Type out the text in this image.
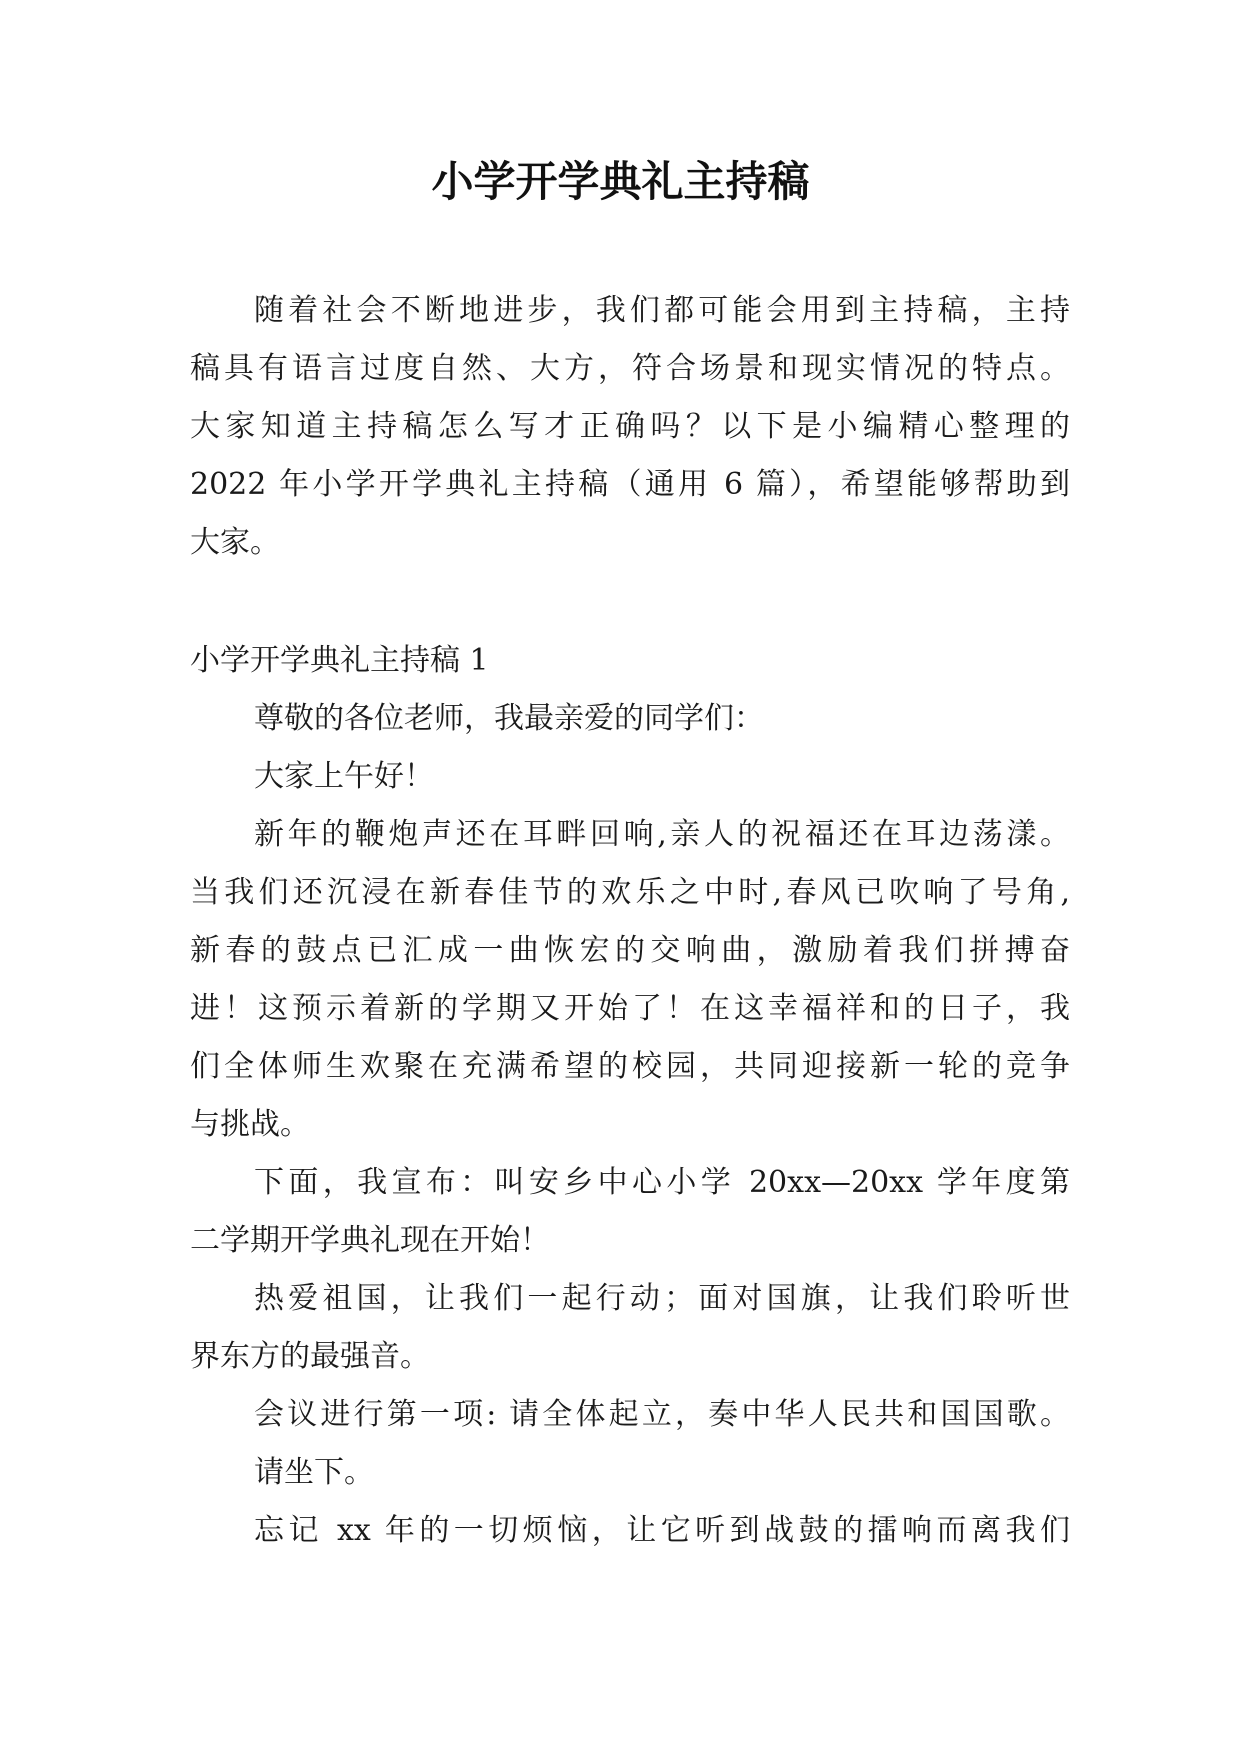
小学开学典礼主持稿
随着社会不断地进步，我们都可能会用到主持稿，主持
稿具有语言过度自然、大方，符合场景和现实情况的特点。
大家知道主持稿怎么写才正确吗？以下是小编精心整理的
2022 年小学开学典礼主持稿（通用 6 篇），希望能够帮助到
大家。
小学开学典礼主持稿 1
尊敬的各位老师，我最亲爱的同学们：
大家上午好！
新年的鞭炮声还在耳畔回响,亲人的祝福还在耳边荡漾。
当我们还沉浸在新春佳节的欢乐之中时,春风已吹响了号角,
新春的鼓点已汇成一曲恢宏的交响曲，激励着我们拼搏奋
进！这预示着新的学期又开始了！在这幸福祥和的日子，我
们全体师生欢聚在充满希望的校园，共同迎接新一轮的竞争
与挑战。
下面，我宣布：叫安乡中心小学 20xx—20xx 学年度第
二学期开学典礼现在开始！
热爱祖国，让我们一起行动；面对国旗，让我们聆听世
界东方的最强音。
会议进行第一项: 请全体起立，奏中华人民共和国国歌。
请坐下。
忘记 xx 年的一切烦恼，让它听到战鼓的擂响而离我们
